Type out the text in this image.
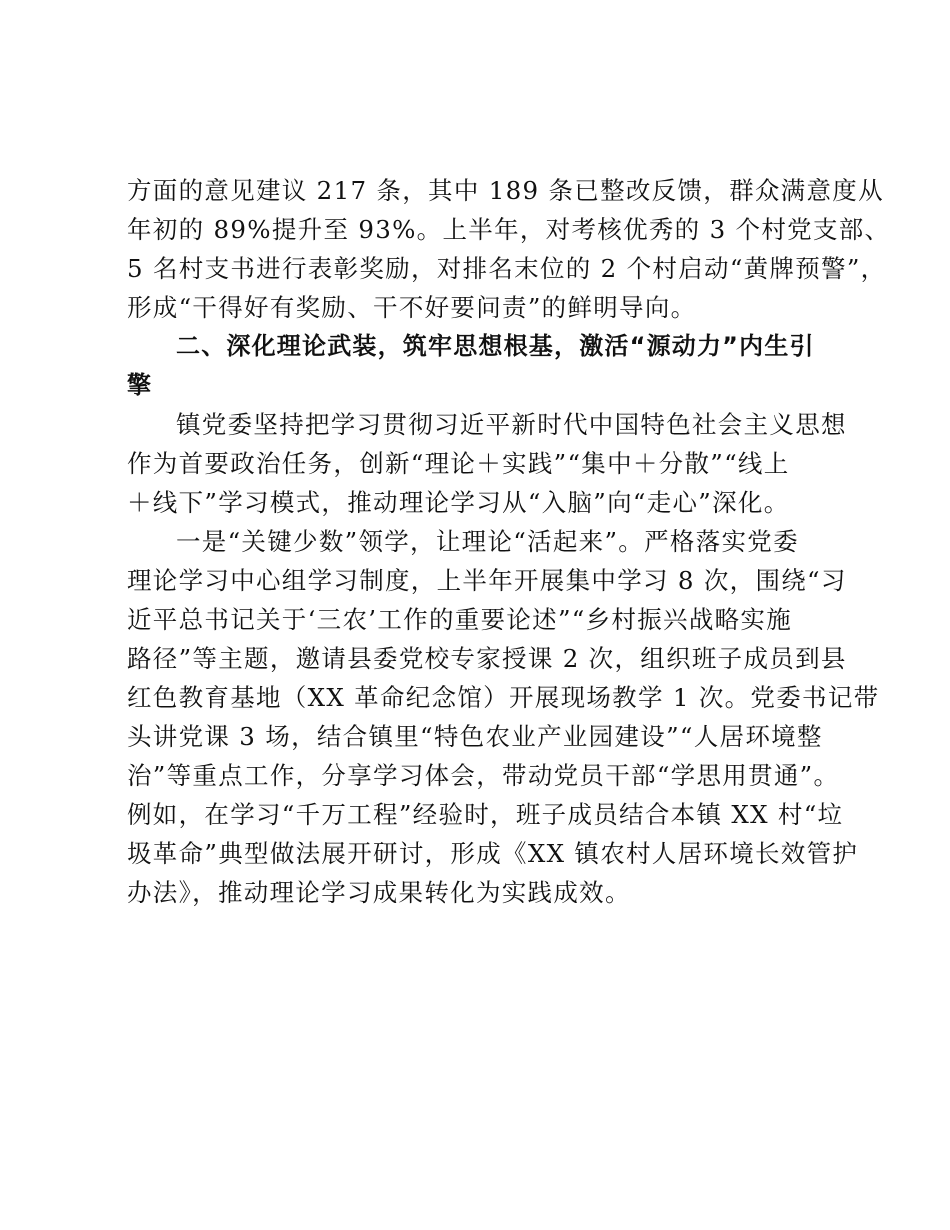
方面的意见建议 217 条，其中 189 条已整改反馈，群众满意度从
年初的 89%提升至 93%。上半年，对考核优秀的 3 个村党支部、
5 名村支书进行表彰奖励，对排名末位的 2 个村启动“黄牌预警”，
形成“干得好有奖励、干不好要问责”的鲜明导向。
二、深化理论武装，筑牢思想根基，激活“源动力”内生引
擎
镇党委坚持把学习贯彻习近平新时代中国特色社会主义思想
作为首要政治任务，创新“理论＋实践”“集中＋分散”“线上
＋线下”学习模式，推动理论学习从“入脑”向“走心”深化。
一是“关键少数”领学，让理论“活起来”。严格落实党委
理论学习中心组学习制度，上半年开展集中学习 8 次，围绕“习
近平总书记关于‘三农’工作的重要论述”“乡村振兴战略实施
路径”等主题，邀请县委党校专家授课 2 次，组织班子成员到县
红色教育基地（XX 革命纪念馆）开展现场教学 1 次。党委书记带
头讲党课 3 场，结合镇里“特色农业产业园建设”“人居环境整
治”等重点工作，分享学习体会，带动党员干部“学思用贯通”。
例如，在学习“千万工程”经验时，班子成员结合本镇 XX 村“垃
圾革命”典型做法展开研讨，形成《XX 镇农村人居环境长效管护
办法》，推动理论学习成果转化为实践成效。
